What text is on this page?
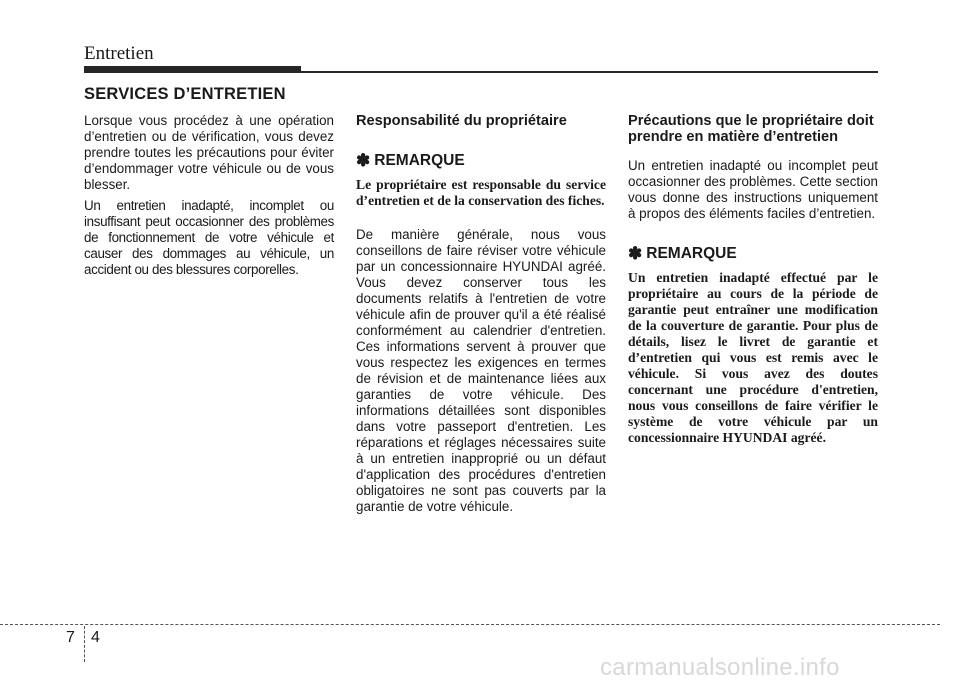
Entretien
SERVICES D’ENTRETIEN

Lorsque vous procédez à une opération d’entretien ou de vérification, vous devez prendre toutes les précautions pour éviter d’endommager votre véhicule ou de vous blesser.

Un entretien inadapté, incomplet ou insuffisant peut occasionner des problèmes de fonctionnement de votre véhicule et causer des dommages au véhicule, un accident ou des blessures corporelles.

Responsabilité du propriétaire
✽ REMARQUE

Le propriétaire est responsable du service d’entretien et de la conservation des fiches.

De manière générale, nous vous conseillons de faire réviser votre véhicule par un concessionnaire HYUNDAI agréé. Vous devez conserver tous les documents relatifs à l'entretien de votre véhicule afin de prouver qu'il a été réalisé conformément au calendrier d'entretien. Ces informations servent à prouver que vous respectez les exigences en termes de révision et de maintenance liées aux garanties de votre véhicule. Des informations détaillées sont disponibles dans votre passeport d'entretien. Les réparations et réglages nécessaires suite à un entretien inapproprié ou un défaut d'application des procédures d'entretien obligatoires ne sont pas couverts par la garantie de votre véhicule.

Précautions que le propriétaire doit prendre en matière d’entretien

Un entretien inadapté ou incomplet peut occasionner des problèmes. Cette section vous donne des instructions uniquement à propos des éléments faciles d’entretien.

✽ REMARQUE

Un entretien inadapté effectué par le propriétaire au cours de la période de garantie peut entraîner une modification de la couverture de garantie. Pour plus de détails, lisez le livret de garantie et d’entretien qui vous est remis avec le véhicule. Si vous avez des doutes concernant une procédure d'entretien, nous vous conseillons de faire vérifier le système de votre véhicule par un concessionnaire HYUNDAI agréé.

7 4
carmanualsonline.info
